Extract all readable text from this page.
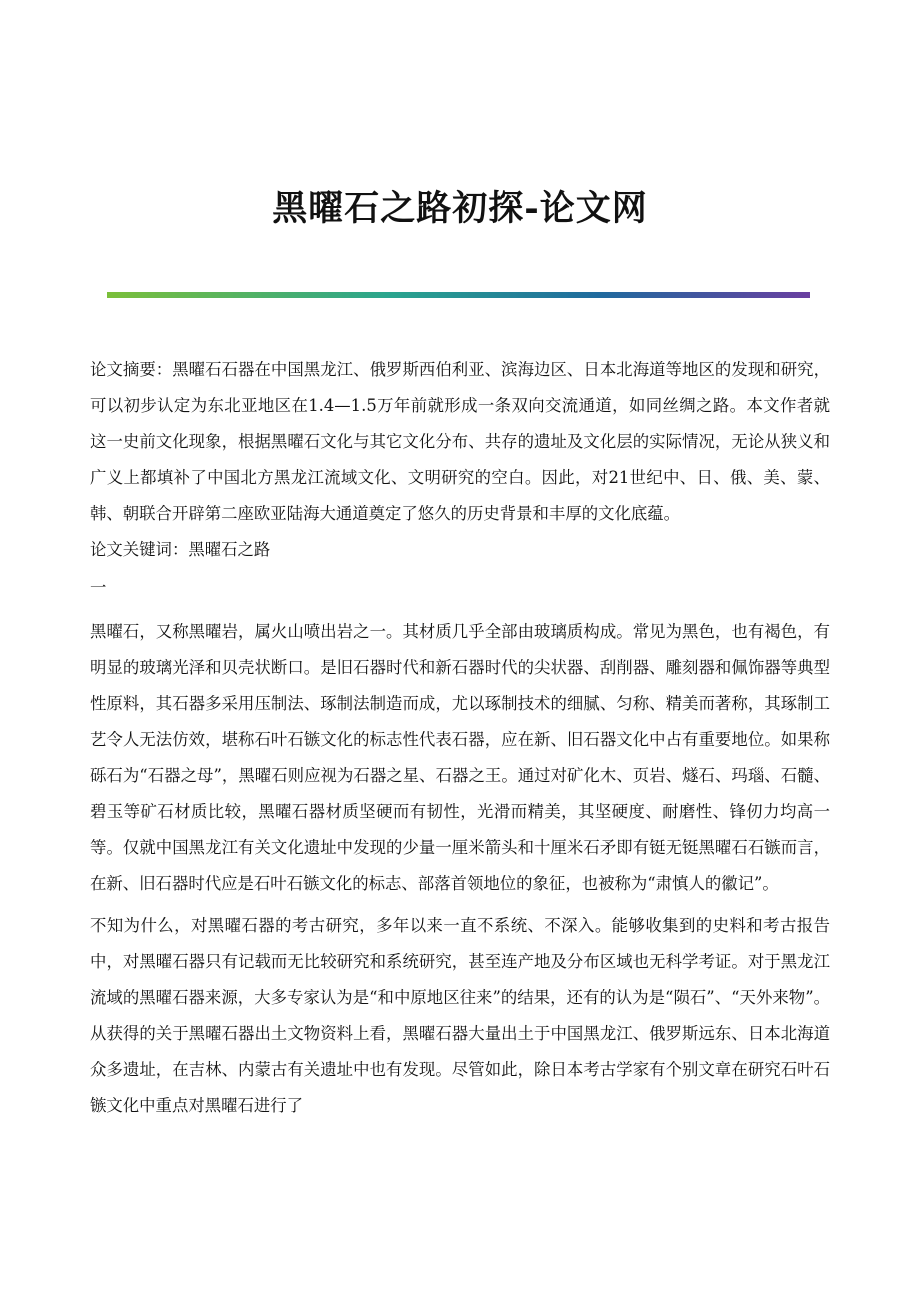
黑曜石之路初探-论文网

论文摘要：黑曜石石器在中国黑龙江、俄罗斯西伯利亚、滨海边区、日本北海道等地区的发现和研究，可以初步认定为东北亚地区在1.4—1.5万年前就形成一条双向交流通道，如同丝绸之路。本文作者就这一史前文化现象，根据黑曜石文化与其它文化分布、共存的遗址及文化层的实际情况，无论从狭义和广义上都填补了中国北方黑龙江流域文化、文明研究的空白。因此，对21世纪中、日、俄、美、蒙、韩、朝联合开辟第二座欧亚陆海大通道奠定了悠久的历史背景和丰厚的文化底蕴。

论文关键词：黑曜石之路

一

黑曜石，又称黑曜岩，属火山喷出岩之一。其材质几乎全部由玻璃质构成。常见为黑色，也有褐色，有明显的玻璃光泽和贝壳状断口。是旧石器时代和新石器时代的尖状器、刮削器、雕刻器和佩饰器等典型性原料，其石器多采用压制法、琢制法制造而成，尤以琢制技术的细腻、匀称、精美而著称，其琢制工艺令人无法仿效，堪称石叶石镞文化的标志性代表石器，应在新、旧石器文化中占有重要地位。如果称砾石为“石器之母”，黑曜石则应视为石器之星、石器之王。通过对矿化木、页岩、燧石、玛瑙、石髓、碧玉等矿石材质比较，黑曜石器材质坚硬而有韧性，光滑而精美，其坚硬度、耐磨性、锋仞力均高一等。仅就中国黑龙江有关文化遗址中发现的少量一厘米箭头和十厘米石矛即有铤无铤黑曜石石镞而言，在新、旧石器时代应是石叶石镞文化的标志、部落首领地位的象征，也被称为“肃慎人的徽记”。

不知为什么，对黑曜石器的考古研究，多年以来一直不系统、不深入。能够收集到的史料和考古报告中，对黑曜石器只有记载而无比较研究和系统研究，甚至连产地及分布区域也无科学考证。对于黑龙江流域的黑曜石器来源，大多专家认为是“和中原地区往来”的结果，还有的认为是“陨石”、“天外来物”。从获得的关于黑曜石器出土文物资料上看，黑曜石器大量出土于中国黑龙江、俄罗斯远东、日本北海道众多遗址，在吉林、内蒙古有关遗址中也有发现。尽管如此，除日本考古学家有个别文章在研究石叶石镞文化中重点对黑曜石进行了
